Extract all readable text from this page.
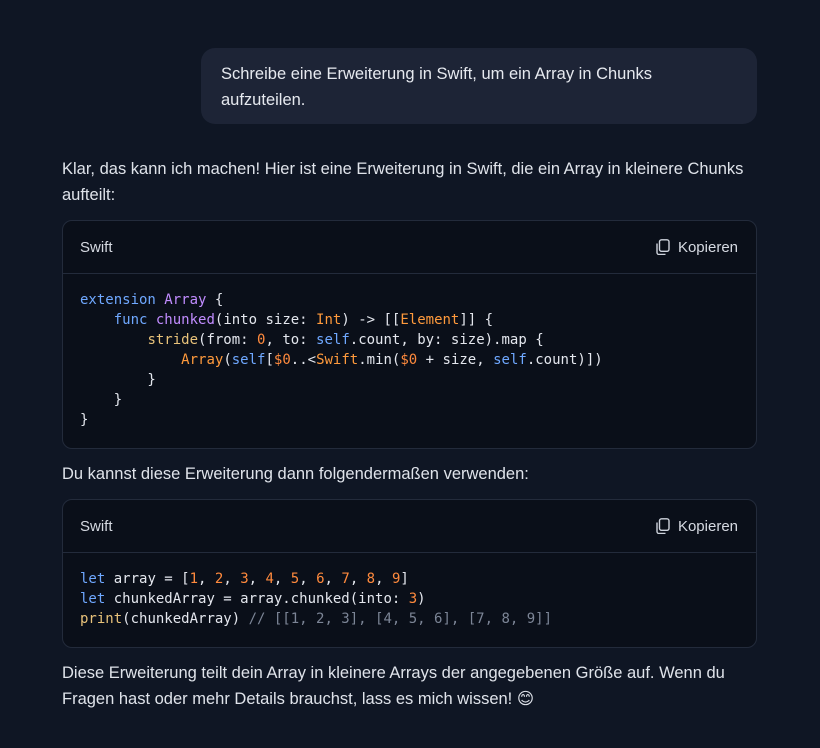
Schreibe eine Erweiterung in Swift, um ein Array in Chunks aufzuteilen.

Klar, das kann ich machen! Hier ist eine Erweiterung in Swift, die ein Array in kleinere Chunks aufteilt:

Swift	Kopieren
extension Array {
func chunked(into size: Int) -> [[Element]] {
stride(from: 0, to: self.count, by: size).map {
Array(self[$0..<Swift.min($0 + size, self.count)])
}
}
}

Du kannst diese Erweiterung dann folgendermaßen verwenden:

Swift	Kopieren
let array = [1, 2, 3, 4, 5, 6, 7, 8, 9]
let chunkedArray = array.chunked(into: 3)
print(chunkedArray) // [[1, 2, 3], [4, 5, 6], [7, 8, 9]]

Diese Erweiterung teilt dein Array in kleinere Arrays der angegebenen Größe auf. Wenn du Fragen hast oder mehr Details brauchst, lass es mich wissen! 😊
